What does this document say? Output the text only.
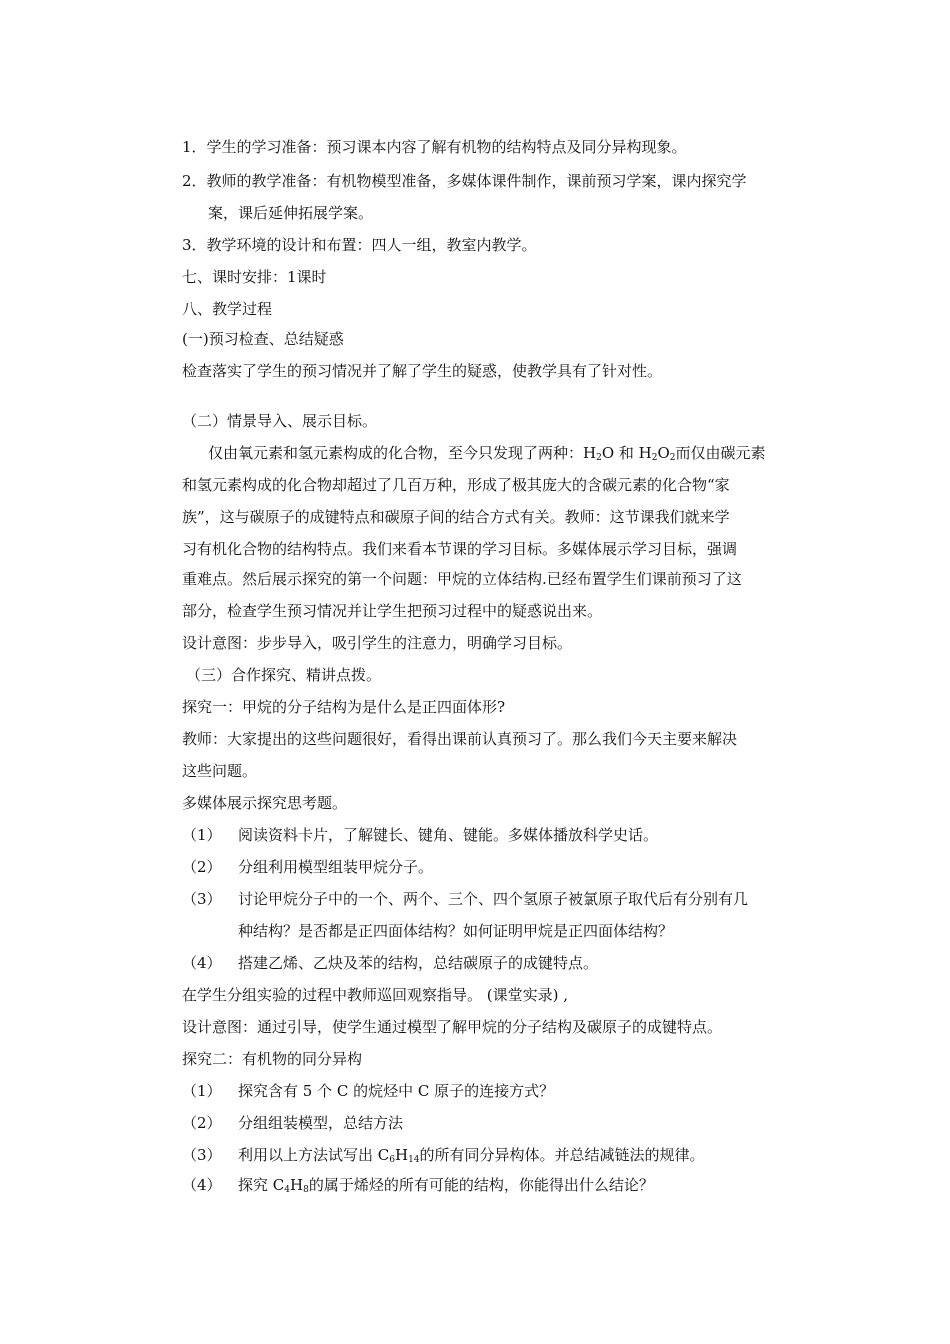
1．学生的学习准备：预习课本内容了解有机物的结构特点及同分异构现象。
2．教师的教学准备：有机物模型准备，多媒体课件制作，课前预习学案，课内探究学
案，课后延伸拓展学案。
3．教学环境的设计和布置：四人一组，教室内教学。
七、课时安排：1课时
八、教学过程
(一)预习检查、总结疑惑
检查落实了学生的预习情况并了解了学生的疑惑，使教学具有了针对性。
（二）情景导入、展示目标。
仅由氧元素和氢元素构成的化合物，至今只发现了两种：$H_2O$ 和 $H_2O_2$而仅由碳元素
和氢元素构成的化合物却超过了几百万种，形成了极其庞大的含碳元素的化合物“家
族”，这与碳原子的成键特点和碳原子间的结合方式有关。教师：这节课我们就来学
习有机化合物的结构特点。我们来看本节课的学习目标。多媒体展示学习目标，强调
重难点。然后展示探究的第一个问题：甲烷的立体结构.已经布置学生们课前预习了这
部分，检查学生预习情况并让学生把预习过程中的疑惑说出来。
设计意图：步步导入，吸引学生的注意力，明确学习目标。
（三）合作探究、精讲点拨。
探究一：甲烷的分子结构为是什么是正四面体形?
教师：大家提出的这些问题很好，看得出课前认真预习了。那么我们今天主要来解决
这些问题。
多媒体展示探究思考题。
（1） 阅读资料卡片，了解键长、键角、键能。多媒体播放科学史话。
（2） 分组利用模型组装甲烷分子。
（3） 讨论甲烷分子中的一个、两个、三个、四个氢原子被氯原子取代后有分别有几
种结构？是否都是正四面体结构？如何证明甲烷是正四面体结构？
（4） 搭建乙烯、乙炔及苯的结构，总结碳原子的成键特点。
在学生分组实验的过程中教师巡回观察指导。 (课堂实录) ,
设计意图：通过引导，使学生通过模型了解甲烷的分子结构及碳原子的成键特点。
探究二：有机物的同分异构
（1） 探究含有 5 个 C 的烷烃中 C 原子的连接方式？
（2） 分组组装模型，总结方法
（3） 利用以上方法试写出 $C_6H_{14}$的所有同分异构体。并总结减链法的规律。
（4） 探究 $C_4H_8$的属于烯烃的所有可能的结构，你能得出什么结论？
